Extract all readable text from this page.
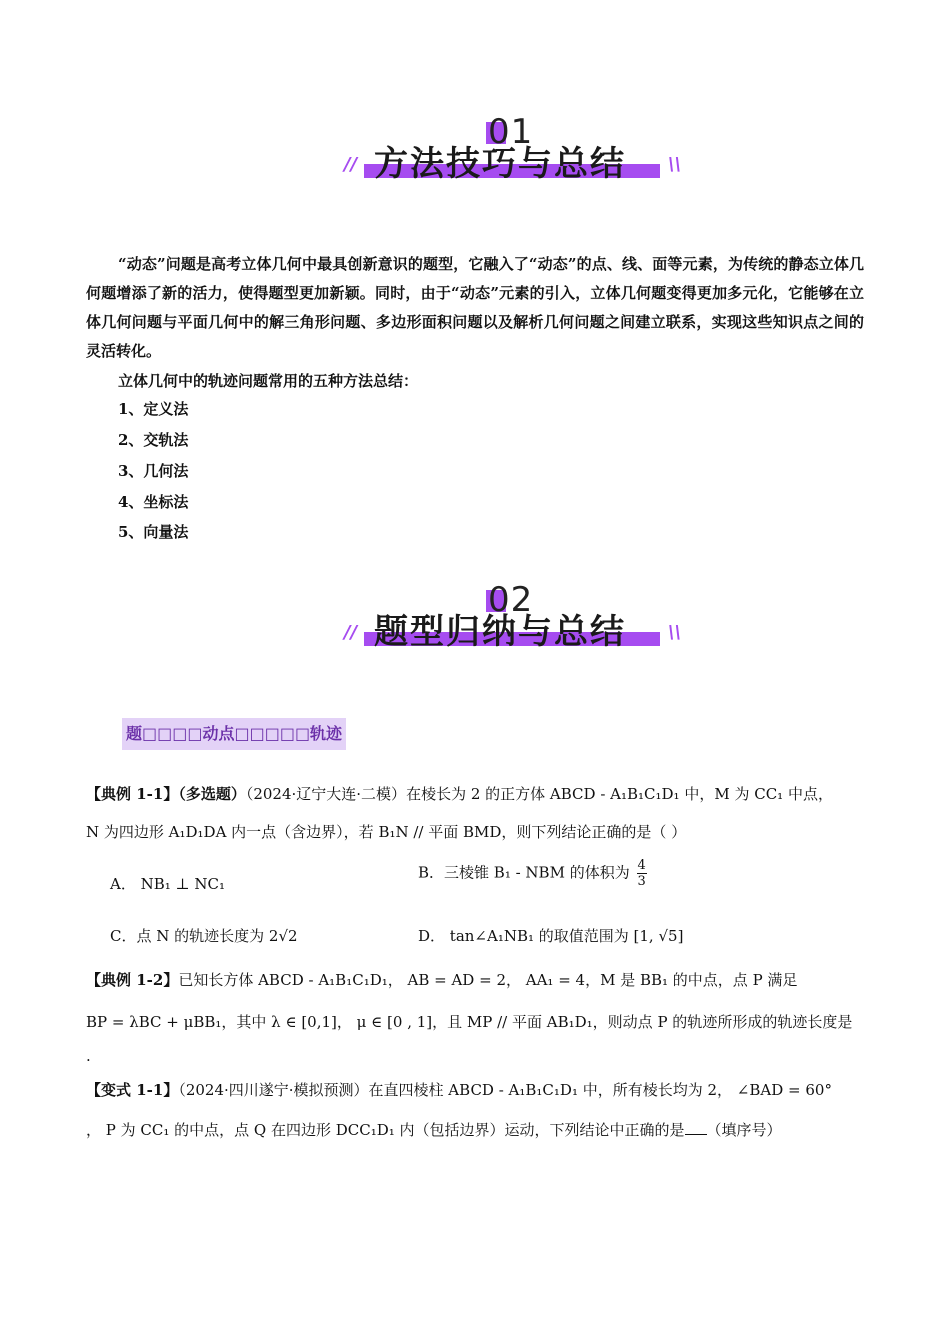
01
// 方法技巧与总结 \\

“动态”问题是高考立体几何中最具创新意识的题型，它融入了“动态”的点、线、面等元素，为传统的静态立体几何题增添了新的活力，使得题型更加新颖。同时，由于“动态”元素的引入，立体几何题变得更加多元化，它能够在立体几何问题与平面几何中的解三角形问题、多边形面积问题以及解析几何问题之间建立联系，实现这些知识点之间的灵活转化。

立体几何中的轨迹问题常用的五种方法总结：
1、定义法
2、交轨法
3、几何法
4、坐标法
5、向量法
02
// 题型归纳与总结 \\
题□□□□动点□□□□□轨迹
【典例 1-1】（多选题）（2024·辽宁大连·二模）在棱长为 2 的正方体 ABCD - A₁B₁C₁D₁ 中，M 为 CC₁ 中点，
N 为四边形 A₁D₁DA 内一点（含边界），若 B₁N // 平面 BMD，则下列结论正确的是（ ）
A． NB₁ ⊥ NC₁
B．三棱锥 B₁ - NBM 的体积为 $\frac{4}{3}$
C．点 N 的轨迹长度为 2√2	D． tan∠A₁NB₁ 的取值范围为 [1, √5]
【典例 1-2】已知长方体 ABCD - A₁B₁C₁D₁， AB = AD = 2， AA₁ = 4，M 是 BB₁ 的中点，点 P 满足
BP = λBC + μBB₁，其中 λ ∈ [0,1]， μ ∈ [0 , 1]，且 MP // 平面 AB₁D₁，则动点 P 的轨迹所形成的轨迹长度是
.
【变式 1-1】（2024·四川遂宁·模拟预测）在直四棱柱 ABCD - A₁B₁C₁D₁ 中，所有棱长均为 2， ∠BAD = 60°
， P 为 CC₁ 的中点，点 Q 在四边形 DCC₁D₁ 内（包括边界）运动，下列结论中正确的是 （填序号）
